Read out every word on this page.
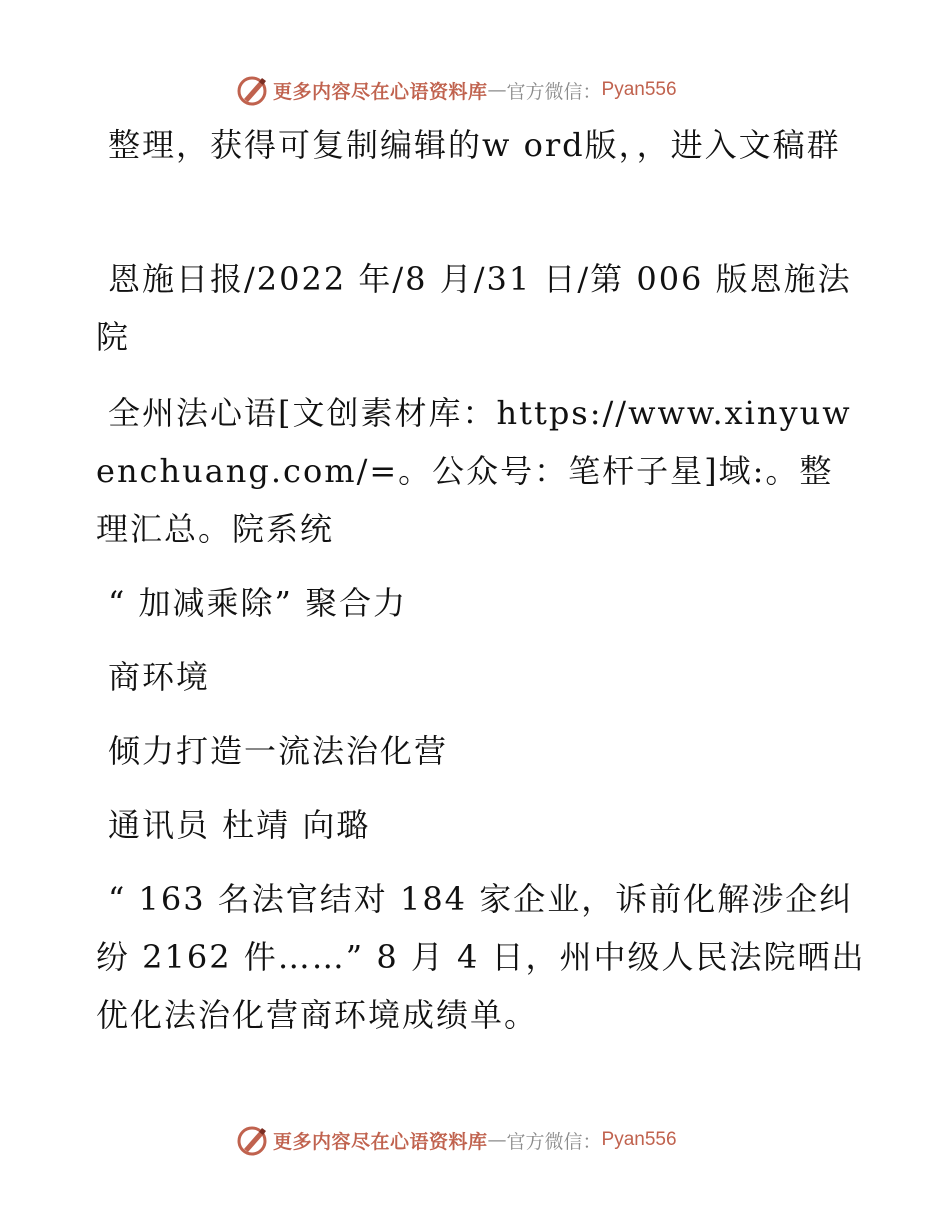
更多内容尽在心语资料库 — 官方微信： Pyan556

整理，获得可复制编辑的w ord版，，进入文稿群

恩施日报/2022 年/8 月/31 日/第 006 版恩施法院

全州法心语[文创素材库：https://www.xinyuwenchuang.com/=。公众号：笔杆子星]域:。整理汇总。院系统

“ 加减乘除” 聚合力

商环境

倾力打造一流法治化营

通讯员 杜靖 向璐

“ 163 名法官结对 184 家企业，诉前化解涉企纠纷 2162 件……” 8 月 4 日，州中级人民法院晒出优化法治化营商环境成绩单。

更多内容尽在心语资料库 — 官方微信： Pyan556
